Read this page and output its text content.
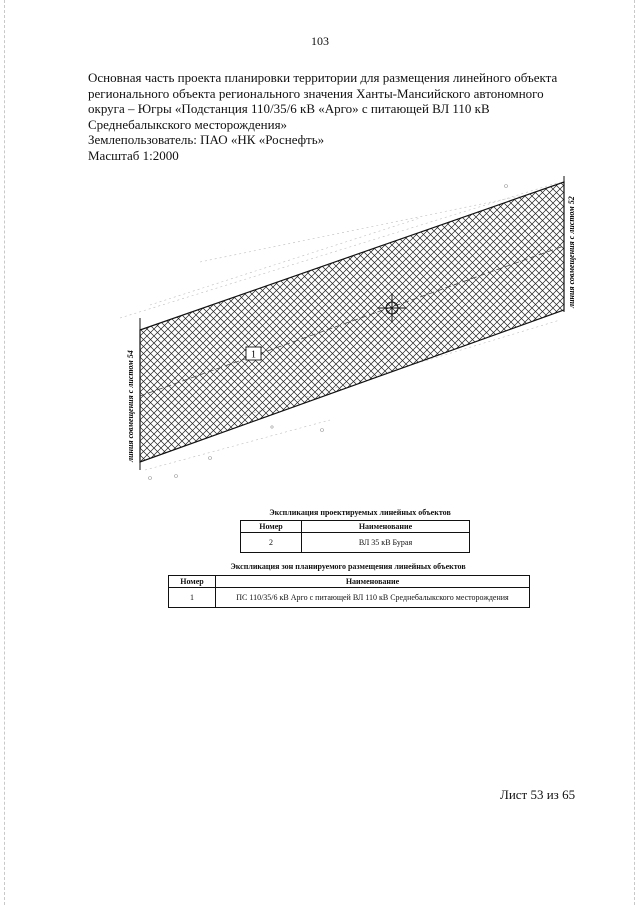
103
Основная часть проекта планировки территории для размещения линейного объекта
регионального объекта регионального значения Ханты-Мансийского автономного
округа – Югры «Подстанция 110/35/6 кВ «Арго» с питающей ВЛ 110 кВ
Среднебалыкского месторождения»
Землепользователь: ПАО «НК «Роснефть»
Масштаб 1:2000
1
линия совмещения с листом 54
линия совмещения с листом 52
Экспликация проектируемых линейных объектов
Номер	Наименование
2	ВЛ 35 кВ Бурая
Экспликация зон планируемого размещения линейных объектов
Номер	Наименование
1	ПС 110/35/6 кВ Арго с питающей ВЛ 110 кВ Среднебалыкского месторождения
Лист 53 из 65
